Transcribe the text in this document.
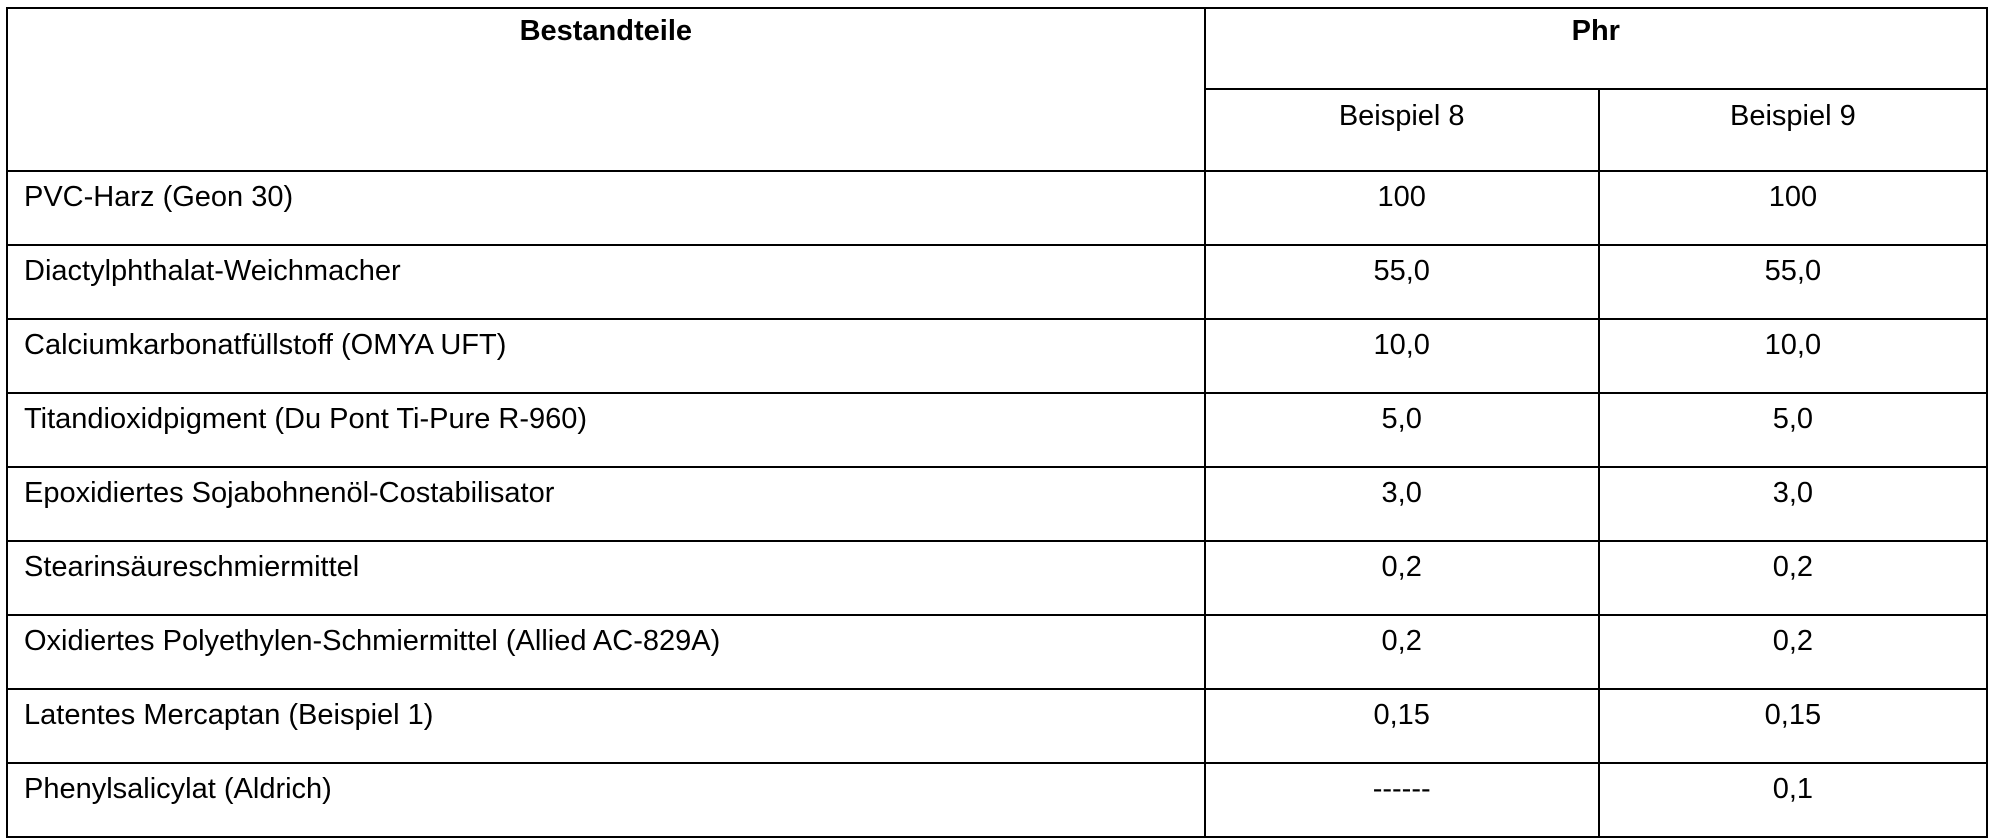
Bestandteile	Phr
Beispiel 8	Beispiel 9
PVC-Harz (Geon 30)	100	100
Diactylphthalat-Weichmacher	55,0	55,0
Calciumkarbonatfüllstoff (OMYA UFT)	10,0	10,0
Titandioxidpigment (Du Pont Ti-Pure R-960)	5,0	5,0
Epoxidiertes Sojabohnenöl-Costabilisator	3,0	3,0
Stearinsäureschmiermittel	0,2	0,2
Oxidiertes Polyethylen-Schmiermittel (Allied AC-829A)	0,2	0,2
Latentes Mercaptan (Beispiel 1)	0,15	0,15
Phenylsalicylat (Aldrich)	------	0,1
